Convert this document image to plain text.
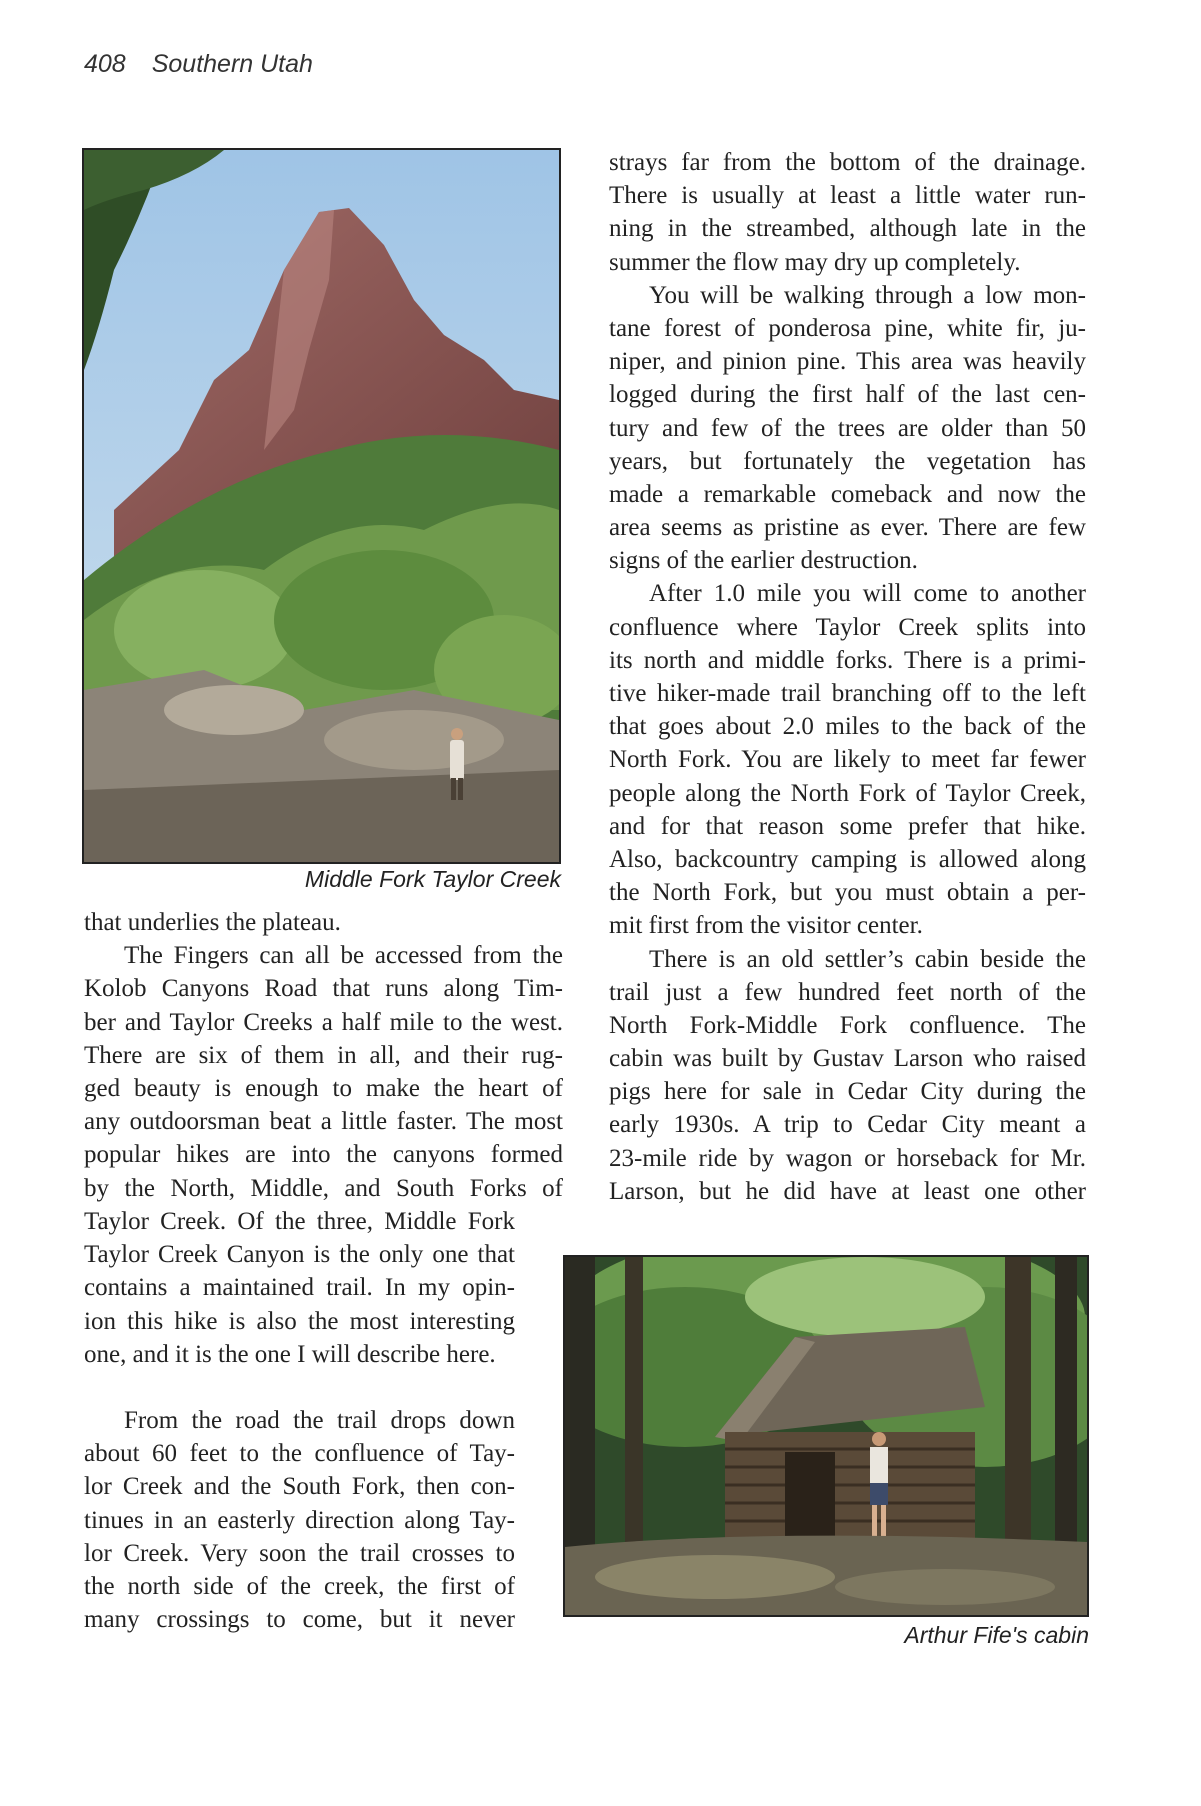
408 Southern Utah
Middle Fork Taylor Creek
strays far from the bottom of the drainage.
There is usually at least a little water run-
ning in the streambed, although late in the
summer the flow may dry up completely.
You will be walking through a low mon-
tane forest of ponderosa pine, white fir, ju-
niper, and pinion pine. This area was heavily
logged during the first half of the last cen-
tury and few of the trees are older than 50
years, but fortunately the vegetation has
made a remarkable comeback and now the
area seems as pristine as ever. There are few
signs of the earlier destruction.
After 1.0 mile you will come to another
confluence where Taylor Creek splits into
its north and middle forks. There is a primi-
tive hiker-made trail branching off to the left
that goes about 2.0 miles to the back of the
North Fork. You are likely to meet far fewer
people along the North Fork of Taylor Creek,
and for that reason some prefer that hike.
Also, backcountry camping is allowed along
the North Fork, but you must obtain a per-
mit first from the visitor center.
There is an old settler’s cabin beside the
trail just a few hundred feet north of the
North Fork-Middle Fork confluence. The
cabin was built by Gustav Larson who raised
pigs here for sale in Cedar City during the
early 1930s. A trip to Cedar City meant a
23-mile ride by wagon or horseback for Mr.
Larson, but he did have at least one other
that underlies the plateau.
The Fingers can all be accessed from the
Kolob Canyons Road that runs along Tim-
ber and Taylor Creeks a half mile to the west.
There are six of them in all, and their rug-
ged beauty is enough to make the heart of
any outdoorsman beat a little faster. The most
popular hikes are into the canyons formed
by the North, Middle, and South Forks of
Taylor Creek. Of the three, Middle Fork
Taylor Creek Canyon is the only one that
contains a maintained trail. In my opin-
ion this hike is also the most interesting
one, and it is the one I will describe here.
From the road the trail drops down
about 60 feet to the confluence of Tay-
lor Creek and the South Fork, then con-
tinues in an easterly direction along Tay-
lor Creek. Very soon the trail crosses to
the north side of the creek, the first of
many crossings to come, but it never
Arthur Fife's cabin
